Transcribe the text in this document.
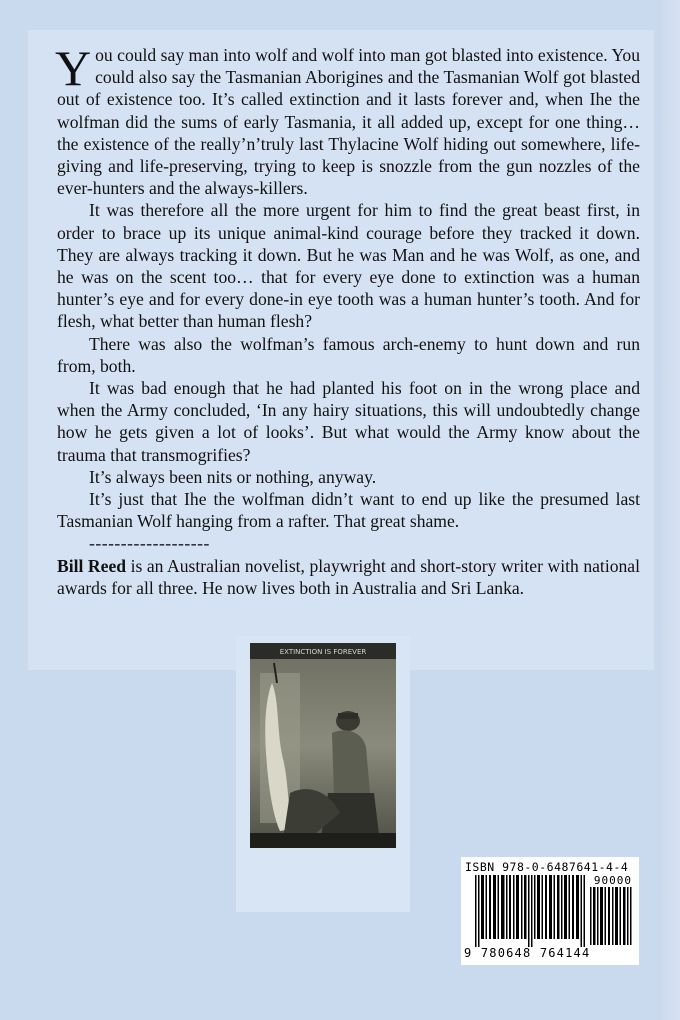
You could say man into wolf and wolf into man got blasted into existence. You could also say the Tasmanian Aborigines and the Tasmanian Wolf got blasted out of existence too. It’s called extinction and it lasts forever and, when Ihe the wolfman did the sums of early Tasmania, it all added up, except for one thing… the existence of the really’n’truly last Thylacine Wolf hiding out somewhere, life-giving and life-preserving, trying to keep is snozzle from the gun nozzles of the ever-hunters and the always-killers.

It was therefore all the more urgent for him to find the great beast first, in order to brace up its unique animal-kind courage before they tracked it down. They are always tracking it down. But he was Man and he was Wolf, as one, and he was on the scent too… that for every eye done to extinction was a human hunter’s eye and for every done-in eye tooth was a human hunter’s tooth. And for flesh, what better than human flesh?

There was also the wolfman’s famous arch-enemy to hunt down and run from, both.

It was bad enough that he had planted his foot on in the wrong place and when the Army concluded, ‘In any hairy situations, this will undoubtedly change how he gets given a lot of looks’. But what would the Army know about the trauma that transmogrifies?

It’s always been nits or nothing, anyway.

It’s just that Ihe the wolfman didn’t want to end up like the presumed last Tasmanian Wolf hanging from a rafter. That great shame.

-------------------

Bill Reed is an Australian novelist, playwright and short-story writer with national awards for all three. He now lives both in Australia and Sri Lanka.

EXTINCTION IS FOREVER
ISBN 978-0-6487641-4-4
90000
9 780648 764144
